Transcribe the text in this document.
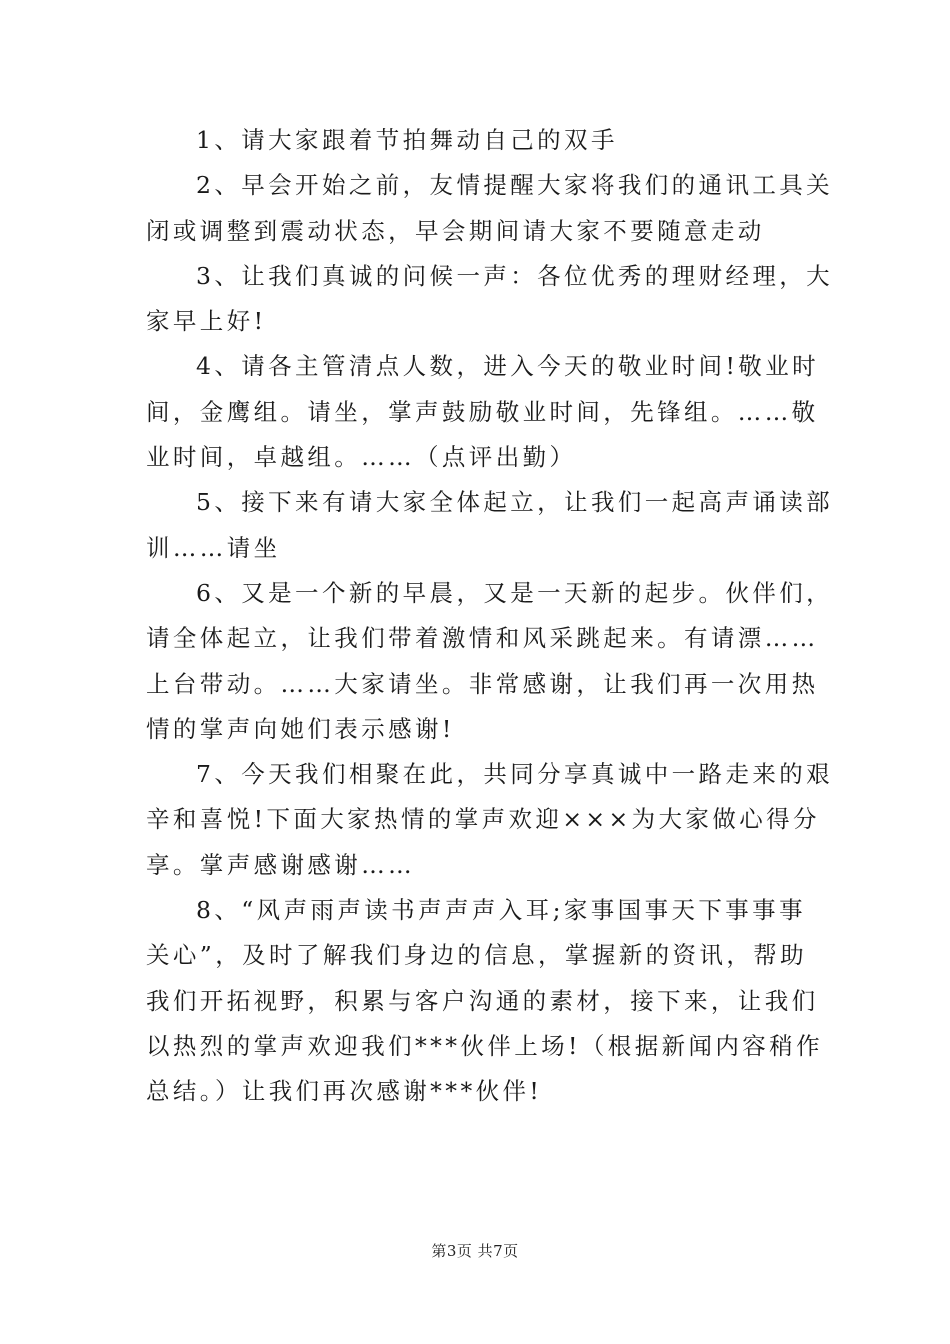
1、请大家跟着节拍舞动自己的双手

2、早会开始之前，友情提醒大家将我们的通讯工具关
闭或调整到震动状态，早会期间请大家不要随意走动

3、让我们真诚的问候一声：各位优秀的理财经理，大
家早上好!

4、请各主管清点人数，进入今天的敬业时间!敬业时
间，金鹰组。请坐，掌声鼓励敬业时间，先锋组。……敬
业时间，卓越组。……（点评出勤）

5、接下来有请大家全体起立，让我们一起高声诵读部
训……请坐

6、又是一个新的早晨，又是一天新的起步。伙伴们，
请全体起立，让我们带着激情和风采跳起来。有请漂……
上台带动。……大家请坐。非常感谢，让我们再一次用热
情的掌声向她们表示感谢!

7、今天我们相聚在此，共同分享真诚中一路走来的艰
辛和喜悦!下面大家热情的掌声欢迎×××为大家做心得分
享。掌声感谢感谢……

8、“风声雨声读书声声声入耳;家事国事天下事事事
关心”，及时了解我们身边的信息，掌握新的资讯，帮助
我们开拓视野，积累与客户沟通的素材，接下来，让我们
以热烈的掌声欢迎我们***伙伴上场!（根据新闻内容稍作
总结。）让我们再次感谢***伙伴!

第3页 共7页
